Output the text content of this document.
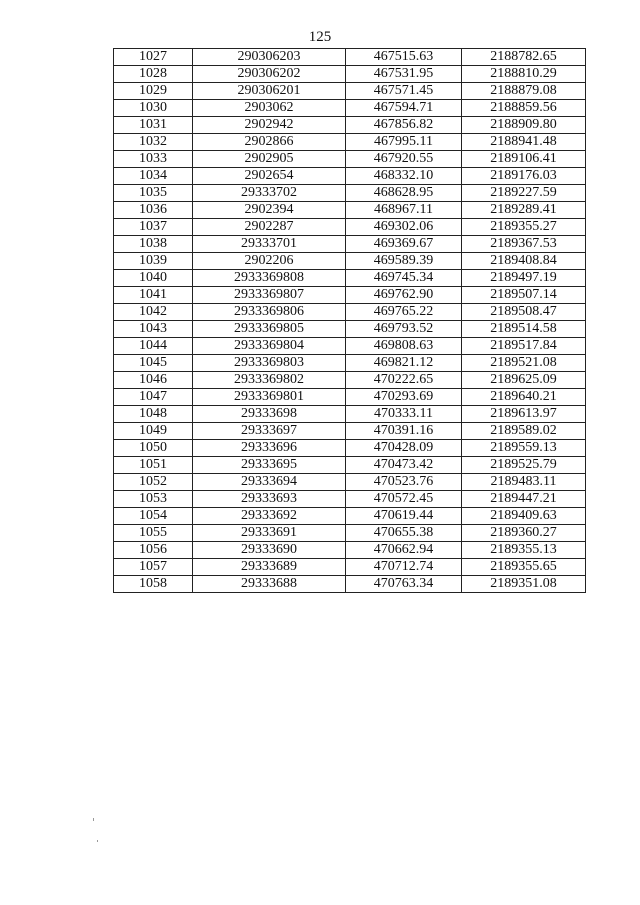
125
1027	290306203	467515.63	2188782.65
1028	290306202	467531.95	2188810.29
1029	290306201	467571.45	2188879.08
1030	2903062	467594.71	2188859.56
1031	2902942	467856.82	2188909.80
1032	2902866	467995.11	2188941.48
1033	2902905	467920.55	2189106.41
1034	2902654	468332.10	2189176.03
1035	29333702	468628.95	2189227.59
1036	2902394	468967.11	2189289.41
1037	2902287	469302.06	2189355.27
1038	29333701	469369.67	2189367.53
1039	2902206	469589.39	2189408.84
1040	2933369808	469745.34	2189497.19
1041	2933369807	469762.90	2189507.14
1042	2933369806	469765.22	2189508.47
1043	2933369805	469793.52	2189514.58
1044	2933369804	469808.63	2189517.84
1045	2933369803	469821.12	2189521.08
1046	2933369802	470222.65	2189625.09
1047	2933369801	470293.69	2189640.21
1048	29333698	470333.11	2189613.97
1049	29333697	470391.16	2189589.02
1050	29333696	470428.09	2189559.13
1051	29333695	470473.42	2189525.79
1052	29333694	470523.76	2189483.11
1053	29333693	470572.45	2189447.21
1054	29333692	470619.44	2189409.63
1055	29333691	470655.38	2189360.27
1056	29333690	470662.94	2189355.13
1057	29333689	470712.74	2189355.65
1058	29333688	470763.34	2189351.08
